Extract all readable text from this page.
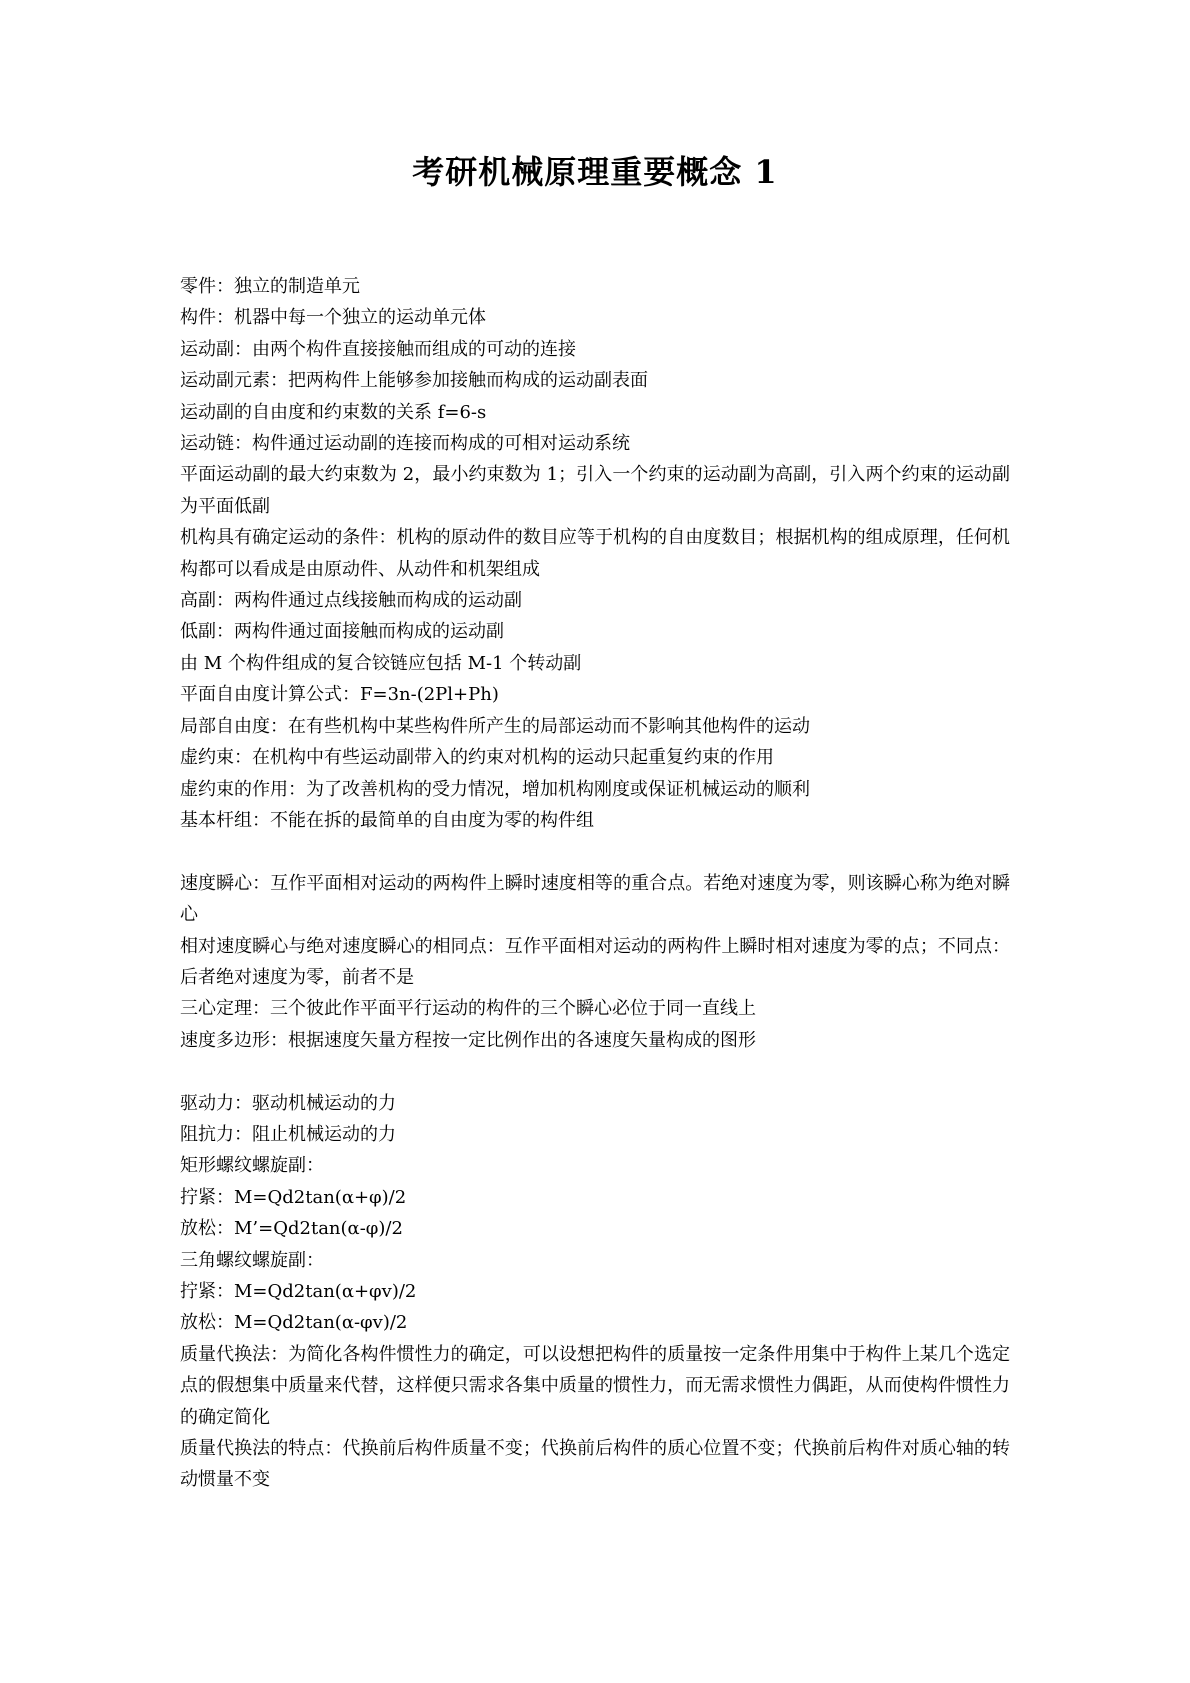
考研机械原理重要概念 1

零件：独立的制造单元

构件：机器中每一个独立的运动单元体

运动副：由两个构件直接接触而组成的可动的连接

运动副元素：把两构件上能够参加接触而构成的运动副表面

运动副的自由度和约束数的关系 f=6-s

运动链：构件通过运动副的连接而构成的可相对运动系统

平面运动副的最大约束数为 2，最小约束数为 1；引入一个约束的运动副为高副，引入两个约束的运动副为平面低副

机构具有确定运动的条件：机构的原动件的数目应等于机构的自由度数目；根据机构的组成原理，任何机构都可以看成是由原动件、从动件和机架组成

高副：两构件通过点线接触而构成的运动副

低副：两构件通过面接触而构成的运动副

由 M 个构件组成的复合铰链应包括 M-1 个转动副

平面自由度计算公式：F=3n-(2Pl+Ph)

局部自由度：在有些机构中某些构件所产生的局部运动而不影响其他构件的运动

虚约束：在机构中有些运动副带入的约束对机构的运动只起重复约束的作用

虚约束的作用：为了改善机构的受力情况，增加机构刚度或保证机械运动的顺利

基本杆组：不能在拆的最简单的自由度为零的构件组

速度瞬心：互作平面相对运动的两构件上瞬时速度相等的重合点。若绝对速度为零，则该瞬心称为绝对瞬心

相对速度瞬心与绝对速度瞬心的相同点：互作平面相对运动的两构件上瞬时相对速度为零的点；不同点：后者绝对速度为零，前者不是

三心定理：三个彼此作平面平行运动的构件的三个瞬心必位于同一直线上

速度多边形：根据速度矢量方程按一定比例作出的各速度矢量构成的图形

驱动力：驱动机械运动的力

阻抗力：阻止机械运动的力

矩形螺纹螺旋副：

拧紧：M=Qd2tan(α+φ)/2

放松：M’=Qd2tan(α-φ)/2

三角螺纹螺旋副：

拧紧：M=Qd2tan(α+φv)/2

放松：M=Qd2tan(α-φv)/2

质量代换法：为简化各构件惯性力的确定，可以设想把构件的质量按一定条件用集中于构件上某几个选定点的假想集中质量来代替，这样便只需求各集中质量的惯性力，而无需求惯性力偶距，从而使构件惯性力的确定简化

质量代换法的特点：代换前后构件质量不变；代换前后构件的质心位置不变；代换前后构件对质心轴的转动惯量不变
